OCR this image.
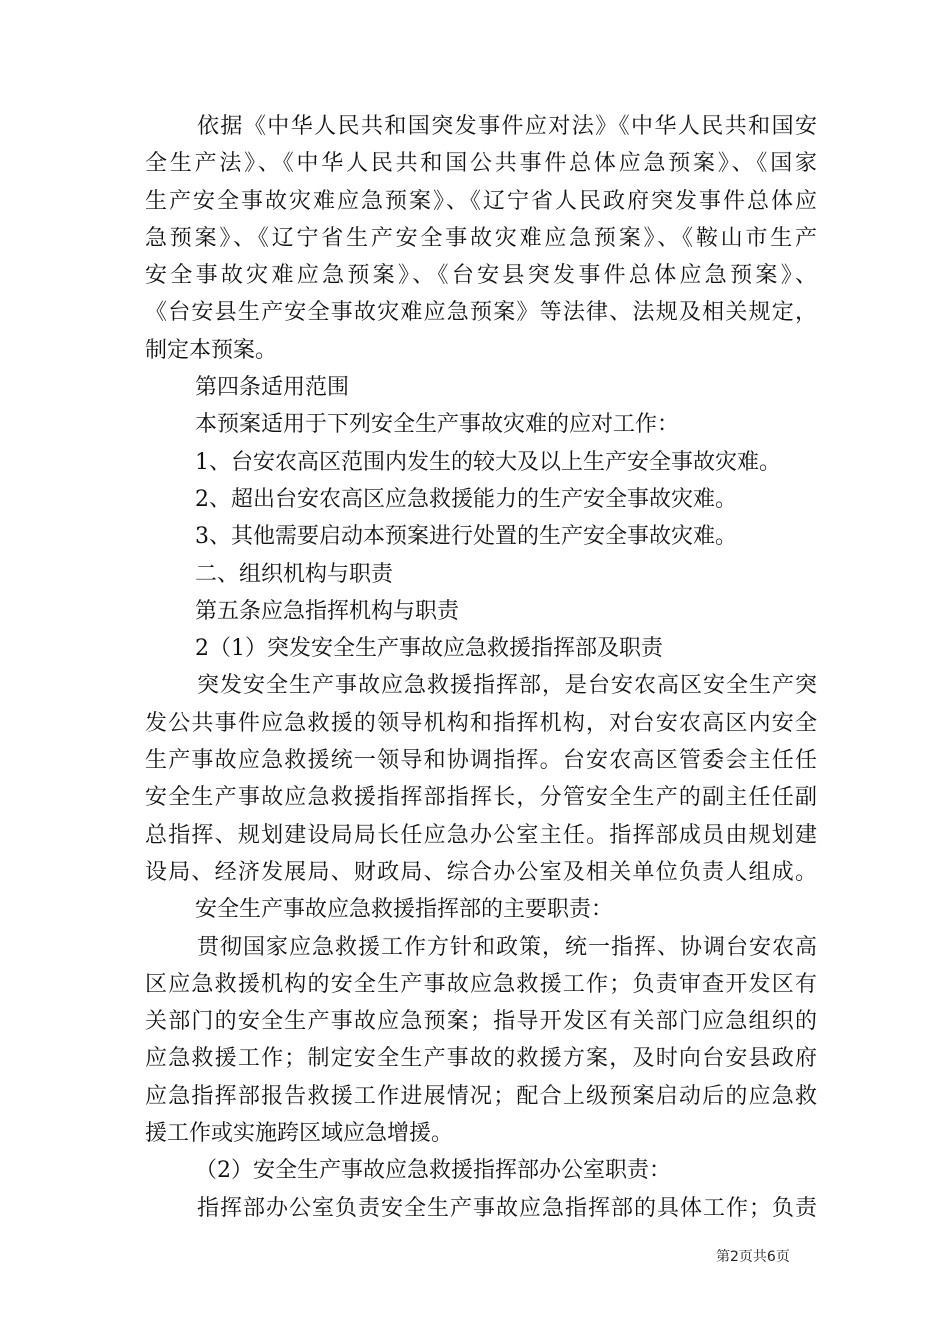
依据《中华人民共和国突发事件应对法》《中华人民共和国安
全生产法》、《中华人民共和国公共事件总体应急预案》、《国家
生产安全事故灾难应急预案》、《辽宁省人民政府突发事件总体应
急预案》、《辽宁省生产安全事故灾难应急预案》、《鞍山市生产
安全事故灾难应急预案》、《台安县突发事件总体应急预案》、
《台安县生产安全事故灾难应急预案》等法律、法规及相关规定，
制定本预案。
第四条适用范围
本预案适用于下列安全生产事故灾难的应对工作：
1、台安农高区范围内发生的较大及以上生产安全事故灾难。
2、超出台安农高区应急救援能力的生产安全事故灾难。
3、其他需要启动本预案进行处置的生产安全事故灾难。
二、组织机构与职责
第五条应急指挥机构与职责
2（1）突发安全生产事故应急救援指挥部及职责
突发安全生产事故应急救援指挥部，是台安农高区安全生产突
发公共事件应急救援的领导机构和指挥机构，对台安农高区内安全
生产事故应急救援统一领导和协调指挥。台安农高区管委会主任任
安全生产事故应急救援指挥部指挥长，分管安全生产的副主任任副
总指挥、规划建设局局长任应急办公室主任。指挥部成员由规划建
设局、经济发展局、财政局、综合办公室及相关单位负责人组成。
安全生产事故应急救援指挥部的主要职责：
贯彻国家应急救援工作方针和政策，统一指挥、协调台安农高
区应急救援机构的安全生产事故应急救援工作；负责审查开发区有
关部门的安全生产事故应急预案；指导开发区有关部门应急组织的
应急救援工作；制定安全生产事故的救援方案，及时向台安县政府
应急指挥部报告救援工作进展情况；配合上级预案启动后的应急救
援工作或实施跨区域应急增援。
（2）安全生产事故应急救援指挥部办公室职责：
指挥部办公室负责安全生产事故应急指挥部的具体工作；负责
第2页共6页
